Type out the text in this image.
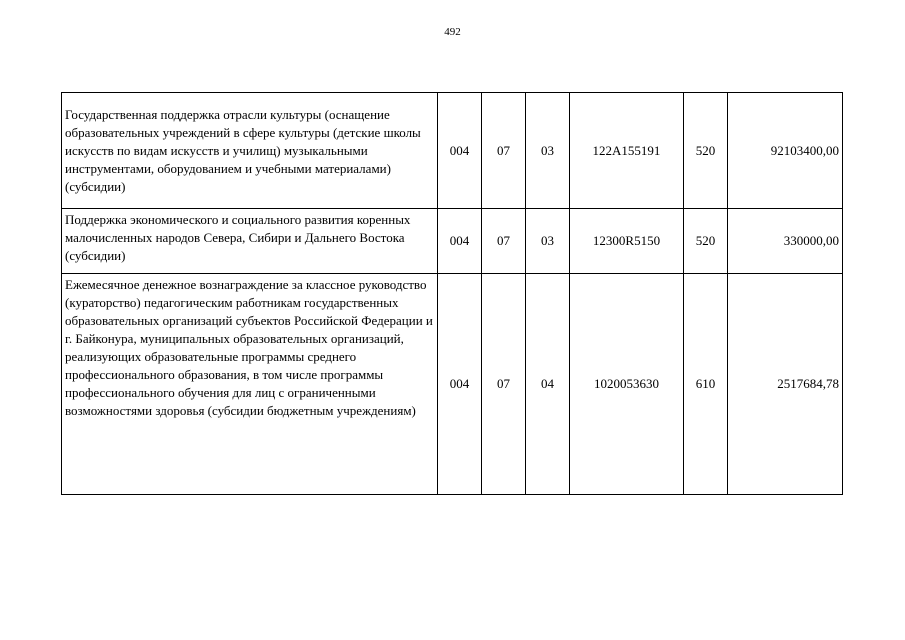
492
Государственная поддержка отрасли культуры (оснащение образовательных учреждений в сфере культуры (детские школы искусств по видам искусств и училищ) музыкальными инструментами, оборудованием и учебными материалами) (субсидии)	004	07	03	122А155191	520	92103400,00
Поддержка экономического и социального развития коренных малочисленных народов Севера, Сибири и Дальнего Востока (субсидии)	004	07	03	12300R5150	520	330000,00
Ежемесячное денежное вознаграждение за классное руководство (кураторство) педагогическим работникам государственных образовательных организаций субъектов Российской Федерации и г. Байконура, муниципальных образовательных организаций, реализующих образовательные программы среднего профессионального образования, в том числе программы профессионального обучения для лиц с ограниченными возможностями здоровья (субсидии бюджетным учреждениям)	004	07	04	1020053630	610	2517684,78
